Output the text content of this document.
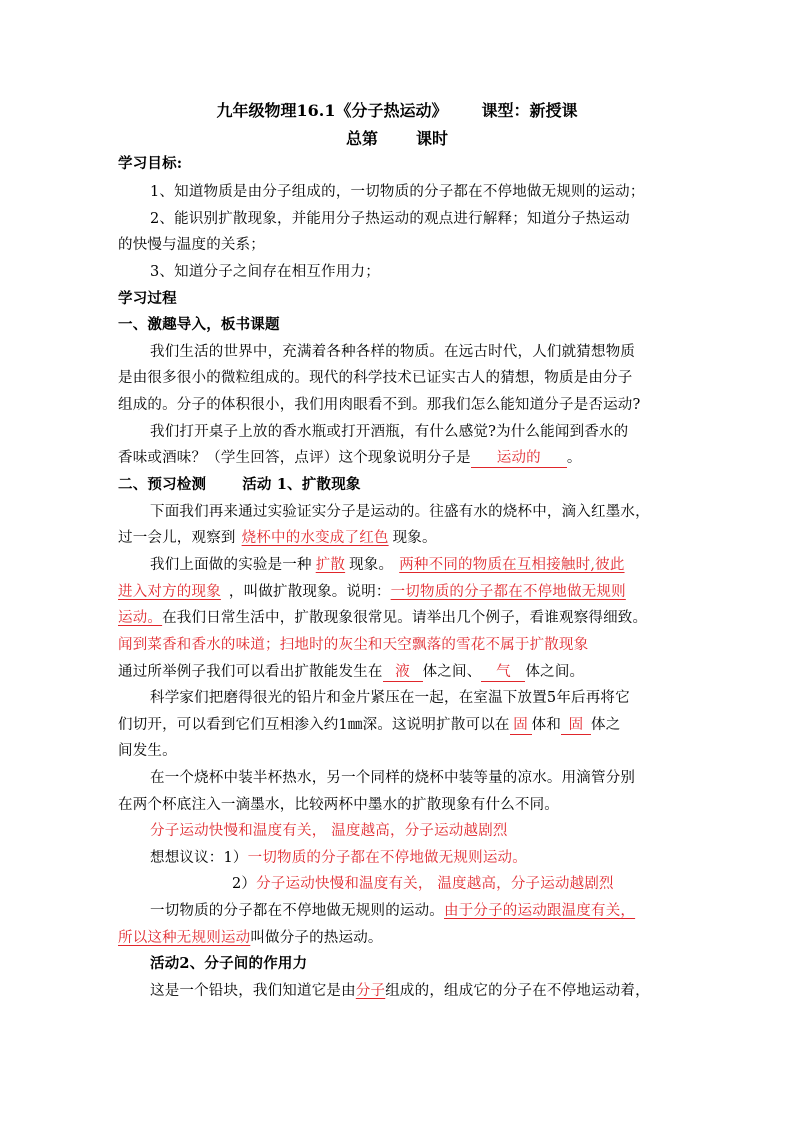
九年级物理16.1《分子热运动》 课型：新授课
总第 课时
学习目标:
1、知道物质是由分子组成的，一切物质的分子都在不停地做无规则的运动；
2、能识别扩散现象，并能用分子热运动的观点进行解释；知道分子热运动
的快慢与温度的关系；
3、知道分子之间存在相互作用力；
学习过程
一、激趣导入，板书课题
我们生活的世界中，充满着各种各样的物质。在远古时代，人们就猜想物质
是由很多很小的微粒组成的。现代的科学技术已证实古人的猜想，物质是由分子
组成的。分子的体积很小，我们用肉眼看不到。那我们怎么能知道分子是否运动?
我们打开桌子上放的香水瓶或打开酒瓶，有什么感觉?为什么能闻到香水的
香味或酒味？（学生回答，点评）这个现象说明分子是 运动的 。
二、预习检测 活动 1、扩散现象
下面我们再来通过实验证实分子是运动的。往盛有水的烧杯中，滴入红墨水，
过一会儿，观察到 烧杯中的水变成了红色 现象。
我们上面做的实验是一种 扩散 现象。 两种不同的物质在互相接触时,彼此
进入对方的现象 ，叫做扩散现象。说明：一切物质的分子都在不停地做无规则
运动。在我们日常生活中，扩散现象很常见。请举出几个例子，看谁观察得细致。
闻到菜香和香水的味道；扫地时的灰尘和天空飘落的雪花不属于扩散现象
通过所举例子我们可以看出扩散能发生在 液 体之间、 气 体之间。
科学家们把磨得很光的铅片和金片紧压在一起，在室温下放置5年后再将它
们切开，可以看到它们互相渗入约1㎜深。这说明扩散可以在 固 体和 固 体之
间发生。
在一个烧杯中装半杯热水，另一个同样的烧杯中装等量的凉水。用滴管分别
在两个杯底注入一滴墨水，比较两杯中墨水的扩散现象有什么不同。
分子运动快慢和温度有关， 温度越高，分子运动越剧烈
想想议议：1）一切物质的分子都在不停地做无规则运动。
2）分子运动快慢和温度有关， 温度越高，分子运动越剧烈
一切物质的分子都在不停地做无规则的运动。由于分子的运动跟温度有关，
所以这种无规则运动叫做分子的热运动。
活动2、分子间的作用力
这是一个铅块，我们知道它是由分子组成的，组成它的分子在不停地运动着，
